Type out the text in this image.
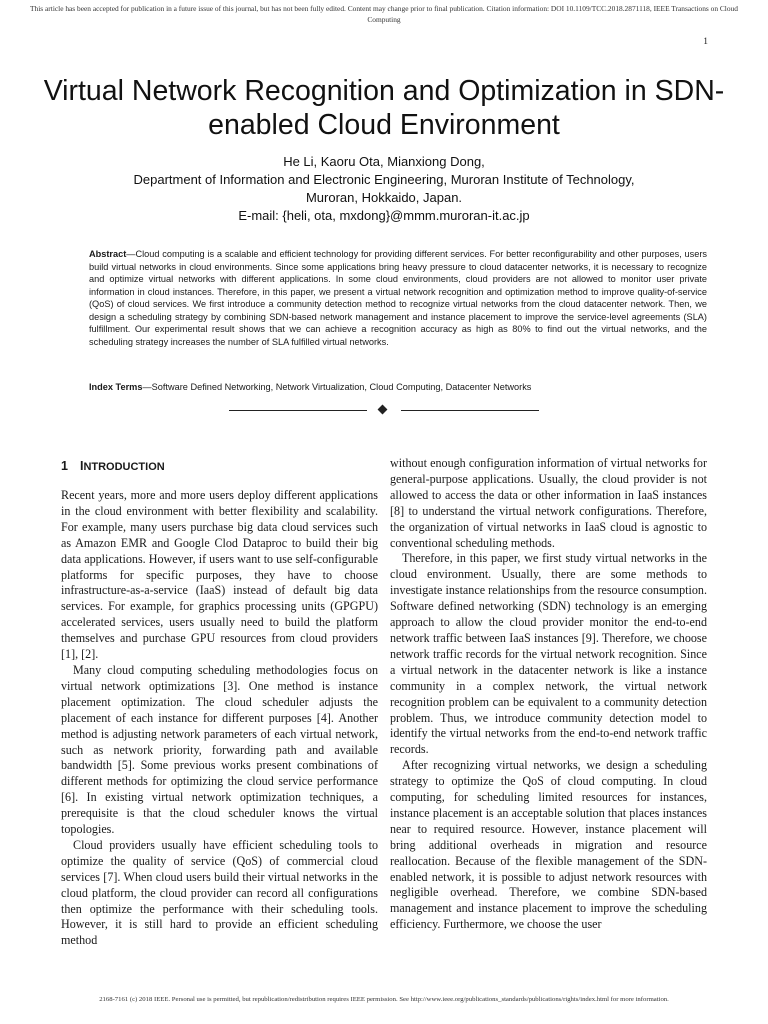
This article has been accepted for publication in a future issue of this journal, but has not been fully edited. Content may change prior to final publication. Citation information: DOI 10.1109/TCC.2018.2871118, IEEE Transactions on Cloud Computing
1
Virtual Network Recognition and Optimization in SDN-enabled Cloud Environment
He Li, Kaoru Ota, Mianxiong Dong,
Department of Information and Electronic Engineering, Muroran Institute of Technology,
Muroran, Hokkaido, Japan.
E-mail: {heli, ota, mxdong}@mmm.muroran-it.ac.jp

Abstract—Cloud computing is a scalable and efficient technology for providing different services. For better reconfigurability and other purposes, users build virtual networks in cloud environments. Since some applications bring heavy pressure to cloud datacenter networks, it is necessary to recognize and optimize virtual networks with different applications. In some cloud environments, cloud providers are not allowed to monitor user private information in cloud instances. Therefore, in this paper, we present a virtual network recognition and optimization method to improve quality-of-service (QoS) of cloud services. We first introduce a community detection method to recognize virtual networks from the cloud datacenter network. Then, we design a scheduling strategy by combining SDN-based network management and instance placement to improve the service-level agreements (SLA) fulfillment. Our experimental result shows that we can achieve a recognition accuracy as high as 80% to find out the virtual networks, and the scheduling strategy increases the number of SLA fulfilled virtual networks.

Index Terms—Software Defined Networking, Network Virtualization, Cloud Computing, Datacenter Networks

1 INTRODUCTION

Recent years, more and more users deploy different applications in the cloud environment with better flexibility and scalability. For example, many users purchase big data cloud services such as Amazon EMR and Google Clod Dataproc to build their big data applications. However, if users want to use self-configurable platforms for specific purposes, they have to choose infrastructure-as-a-service (IaaS) instead of default big data services. For example, for graphics processing units (GPGPU) accelerated services, users usually need to build the platform themselves and purchase GPU resources from cloud providers [1], [2].

Many cloud computing scheduling methodologies focus on virtual network optimizations [3]. One method is instance placement optimization. The cloud scheduler adjusts the placement of each instance for different purposes [4]. Another method is adjusting network parameters of each virtual network, such as network priority, forwarding path and available bandwidth [5]. Some previous works present combinations of different methods for optimizing the cloud service performance [6]. In existing virtual network optimization techniques, a prerequisite is that the cloud scheduler knows the virtual topologies.

Cloud providers usually have efficient scheduling tools to optimize the quality of service (QoS) of commercial cloud services [7]. When cloud users build their virtual networks in the cloud platform, the cloud provider can record all configurations then optimize the performance with their scheduling tools. However, it is still hard to provide an efficient scheduling method

without enough configuration information of virtual networks for general-purpose applications. Usually, the cloud provider is not allowed to access the data or other information in IaaS instances [8] to understand the virtual network configurations. Therefore, the organization of virtual networks in IaaS cloud is agnostic to conventional scheduling methods.

Therefore, in this paper, we first study virtual networks in the cloud environment. Usually, there are some methods to investigate instance relationships from the resource consumption. Software defined networking (SDN) technology is an emerging approach to allow the cloud provider monitor the end-to-end network traffic between IaaS instances [9]. Therefore, we choose network traffic records for the virtual network recognition. Since a virtual network in the datacenter network is like a instance community in a complex network, the virtual network recognition problem can be equivalent to a community detection problem. Thus, we introduce community detection model to identify the virtual networks from the end-to-end network traffic records.

After recognizing virtual networks, we design a scheduling strategy to optimize the QoS of cloud computing. In cloud computing, for scheduling limited resources for instances, instance placement is an acceptable solution that places instances near to required resource. However, instance placement will bring additional overheads in migration and resource reallocation. Because of the flexible management of the SDN-enabled network, it is possible to adjust network resources with negligible overhead. Therefore, we combine SDN-based management and instance placement to improve the scheduling efficiency. Furthermore, we choose the user

2168-7161 (c) 2018 IEEE. Personal use is permitted, but republication/redistribution requires IEEE permission. See http://www.ieee.org/publications_standards/publications/rights/index.html for more information.
